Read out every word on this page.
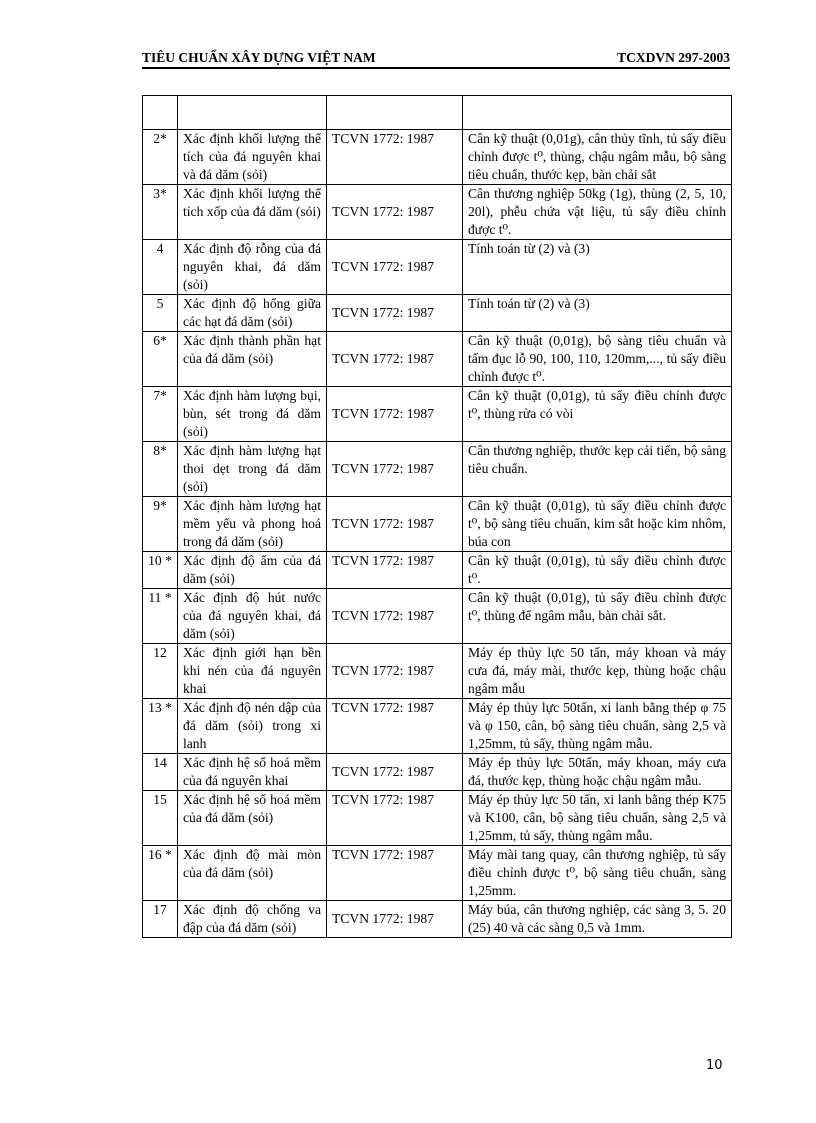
TIÊU CHUẨN XÂY DỰNG VIỆT NAM	TCXDVN 297-2003

2*	Xác định khối lượng thể tích của đá nguyên khai và đá dăm (sỏi)	TCVN 1772: 1987	Cân kỹ thuật (0,01g), cân thủy tĩnh, tủ sấy điều chỉnh được t⁰, thùng, chậu ngâm mẫu, bộ sàng tiêu chuẩn, thước kẹp, bàn chải sắt
3*	Xác định khối lượng thể tích xốp của đá dăm (sỏi)	TCVN 1772: 1987	Cân thương nghiệp 50kg (1g), thùng (2, 5, 10, 20l), phễu chứa vật liệu, tủ sấy điều chỉnh được t⁰.
4	Xác định độ rỗng của đá nguyên khai, đá dăm (sỏi)	TCVN 1772: 1987	Tính toán từ (2) và (3)
5	Xác định độ hổng giữa các hạt đá dăm (sỏi)	TCVN 1772: 1987	Tính toán từ (2) và (3)
6*	Xác định thành phần hạt của đá dăm (sỏi)	TCVN 1772: 1987	Cân kỹ thuật (0,01g), bộ sàng tiêu chuẩn và tấm đục lỗ 90, 100, 110, 120mm,..., tủ sấy điều chỉnh được t⁰.
7*	Xác định hàm lượng bụi, bùn, sét trong đá dăm (sỏi)	TCVN 1772: 1987	Cân kỹ thuật (0,01g), tủ sấy điều chỉnh được t⁰, thùng rửa có vòi
8*	Xác định hàm lượng hạt thoi dẹt trong đá dăm (sỏi)	TCVN 1772: 1987	Cân thương nghiệp, thước kẹp cải tiến, bộ sàng tiêu chuẩn.
9*	Xác định hàm lượng hạt mềm yếu và phong hoá trong đá dăm (sỏi)	TCVN 1772: 1987	Cân kỹ thuật (0,01g), tủ sấy điều chỉnh được t⁰, bộ sàng tiêu chuẩn, kim sắt hoặc kim nhôm, búa con
10 *	Xác định độ ẩm của đá dăm (sỏi)	TCVN 1772: 1987	Cân kỹ thuật (0,01g), tủ sấy điều chỉnh được t⁰.
11 *	Xác định độ hút nước của đá nguyên khai, đá dăm (sỏi)	TCVN 1772: 1987	Cân kỹ thuật (0,01g), tủ sấy điều chỉnh được t⁰, thùng để ngâm mẫu, bàn chải sắt.
12	Xác định giới hạn bền khi nén của đá nguyên khai	TCVN 1772: 1987	Máy ép thủy lực 50 tấn, máy khoan và máy cưa đá, máy mài, thước kẹp, thùng hoặc chậu ngâm mẫu
13 *	Xác định độ nén dập của đá dăm (sỏi) trong xi lanh	TCVN 1772: 1987	Máy ép thủy lực 50tấn, xi lanh bằng thép φ 75 và φ 150, cân, bộ sàng tiêu chuẩn, sàng 2,5 và 1,25mm, tủ sấy, thùng ngâm mẫu.
14	Xác định hệ số hoá mềm của đá nguyên khai	TCVN 1772: 1987	Máy ép thủy lực 50tấn, máy khoan, máy cưa đá, thước kẹp, thùng hoặc chậu ngâm mẫu.
15	Xác định hệ số hoá mềm của đá dăm (sỏi)	TCVN 1772: 1987	Máy ép thủy lực 50 tấn, xi lanh bằng thép K75 và K100, cân, bộ sàng tiêu chuẩn, sàng 2,5 và 1,25mm, tủ sấy, thùng ngâm mẫu.
16 *	Xác định độ mài mòn của đá dăm (sỏi)	TCVN 1772: 1987	Máy mài tang quay, cân thương nghiệp, tủ sấy điều chỉnh được t⁰, bộ sàng tiêu chuẩn, sàng 1,25mm.
17	Xác định độ chống va đập của đá dăm (sỏi)	TCVN 1772: 1987	Máy búa, cân thương nghiệp, các sàng 3, 5. 20 (25) 40 và các sàng 0,5 và 1mm.
10
